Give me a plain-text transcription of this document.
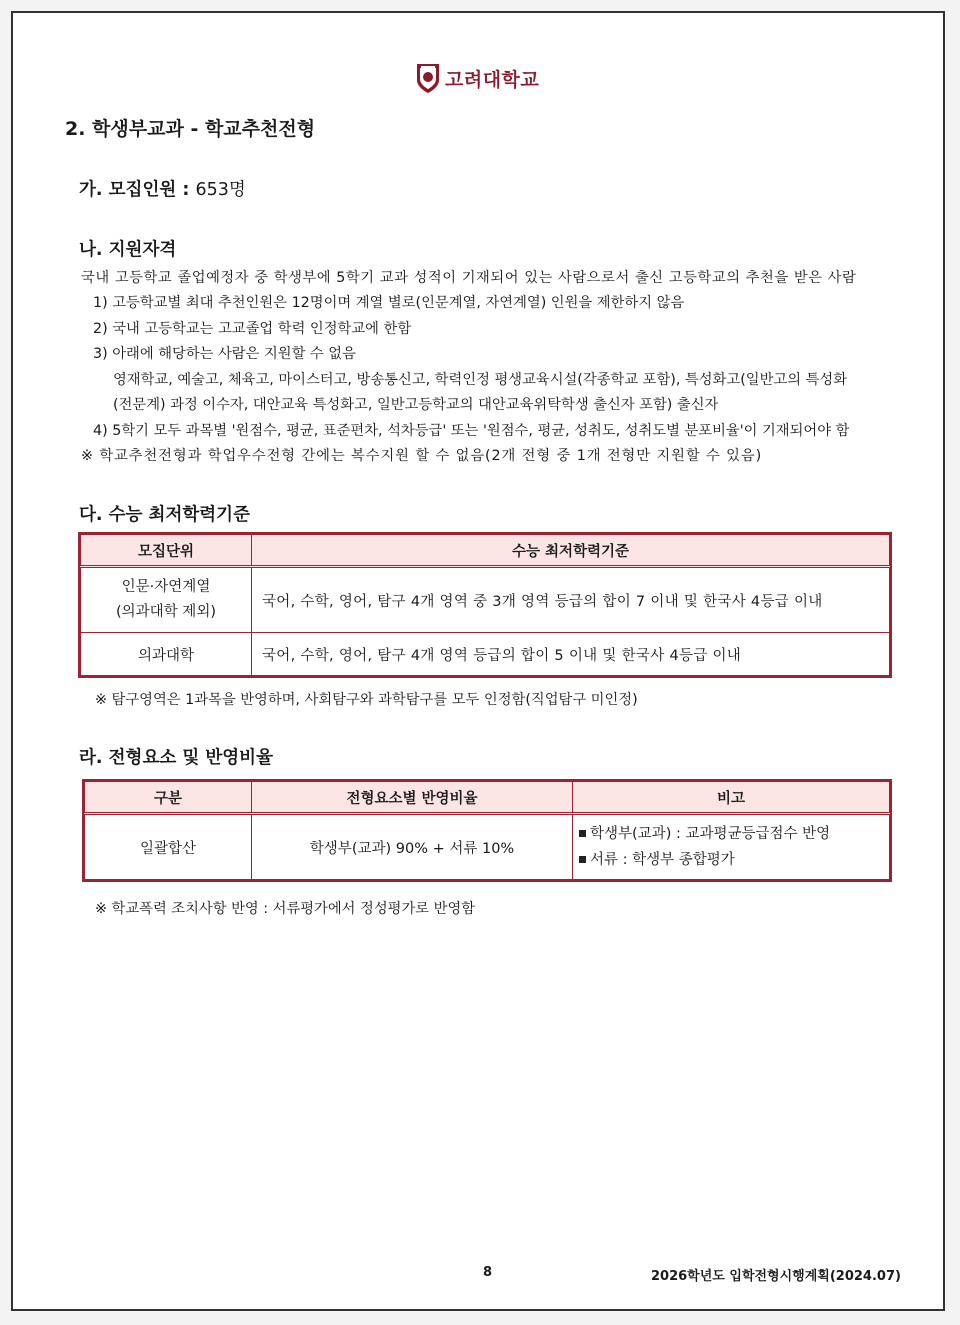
고려대학교
2. 학생부교과 - 학교추천전형
가. 모집인원 : 653명
나. 지원자격
국내 고등학교 졸업예정자 중 학생부에 5학기 교과 성적이 기재되어 있는 사람으로서 출신 고등학교의 추천을 받은 사람
1) 고등학교별 최대 추천인원은 12명이며 계열 별로(인문계열, 자연계열) 인원을 제한하지 않음
2) 국내 고등학교는 고교졸업 학력 인정학교에 한함
3) 아래에 해당하는 사람은 지원할 수 없음
영재학교, 예술고, 체육고, 마이스터고, 방송통신고, 학력인정 평생교육시설(각종학교 포함), 특성화고(일반고의 특성화
(전문계) 과정 이수자, 대안교육 특성화고, 일반고등학교의 대안교육위탁학생 출신자 포함) 출신자
4) 5학기 모두 과목별 '원점수, 평균, 표준편차, 석차등급' 또는 '원점수, 평균, 성취도, 성취도별 분포비율'이 기재되어야 함
※ 학교추천전형과 학업우수전형 간에는 복수지원 할 수 없음(2개 전형 중 1개 전형만 지원할 수 있음)
다. 수능 최저학력기준
모집단위	수능 최저학력기준

인문·자연계열
(의과대학 제외)	국어, 수학, 영어, 탐구 4개 영역 중 3개 영역 등급의 합이 7 이내 및 한국사 4등급 이내
의과대학	국어, 수학, 영어, 탐구 4개 영역 등급의 합이 5 이내 및 한국사 4등급 이내
※ 탐구영역은 1과목을 반영하며, 사회탐구와 과학탐구를 모두 인정함(직업탐구 미인정)
라. 전형요소 및 반영비율
구분	전형요소별 반영비율	비고
일괄합산	학생부(교과) 90% + 서류 10%	학생부(교과) : 교과평균등급점수 반영
서류 : 학생부 종합평가
※ 학교폭력 조치사항 반영 : 서류평가에서 정성평가로 반영함
8	2026학년도 입학전형시행계획(2024.07)
